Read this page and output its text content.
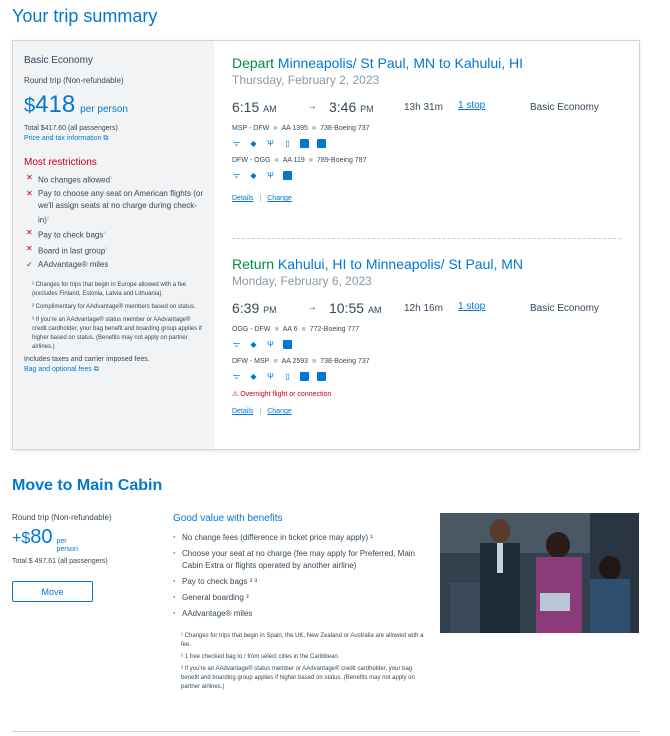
Your trip summary
Basic Economy
Round trip (Non-refundable)
$ 418 per person
Total $417.60 (all passengers)
Price and tax information ⧉
Most restrictions
✕ No changes allowed$^1$
✕ Pay to choose any seat on American flights (or we'll assign seats at no charge during check-in)$^2$
✕ Pay to check bags$^3$
✕ Board in last group$^3$
✓ AAdvantage® miles

¹ Changes for trips that begin in Europe allowed with a fee (excludes Finland, Estonia, Latvia and Lithuania).

² Complimentary for AAdvantage® members based on status.

³ If you're an AAdvantage® status member or AAdvantage® credit cardholder, your bag benefit and boarding group applies if higher based on status. (Benefits may not apply on partner airlines.)

Includes taxes and carrier imposed fees.
Bag and optional fees ⧉
Depart Minneapolis/ St Paul, MN to Kahului, HI
Thursday, February 2, 2023
6:15 AM	→ 3:46 PM	13h 31m 1 stop	Basic Economy
MSP - DFW ■ AA 1395 ■ 738-Boeing 737
ᯤ ◆ Ψ ▯
DFW - OGG ■ AA 119 ■ 789-Boeing 787
ᯤ ◆ Ψ
Details | Change
Return Kahului, HI to Minneapolis/ St Paul, MN
Monday, February 6, 2023
6:39 PM	→ 10:55 AM 12h 16m 1 stop	Basic Economy
OGG - DFW ■ AA 6 ■ 772-Boeing 777
ᯤ ◆ Ψ
DFW - MSP ■ AA 2593 ■ 738-Boeing 737
ᯤ ◆ Ψ ▯
⚠ Overnight flight or connection
Details | Change
Move to Main Cabin
Round trip (Non-refundable)
+$ 80 per person
Total $ 497.61 (all passengers)
Move
Good value with benefits
▪ No change fees (difference in ticket price may apply) ¹
▪ Choose your seat at no charge (fee may apply for Preferred, Main Cabin Extra or flights operated by another airline)
▪ Pay to check bags ² ³
▪ General boarding ³
▪ AAdvantage® miles

¹ Changes for trips that begin in Spain, the UK, New Zealand or Australia are allowed with a fee.

² 1 free checked bag to / from select cities in the Caribbean.

³ If you're an AAdvantage® status member or AAdvantage® credit cardholder, your bag benefit and boarding group applies if higher based on status. (Benefits may not apply on partner airlines.)
